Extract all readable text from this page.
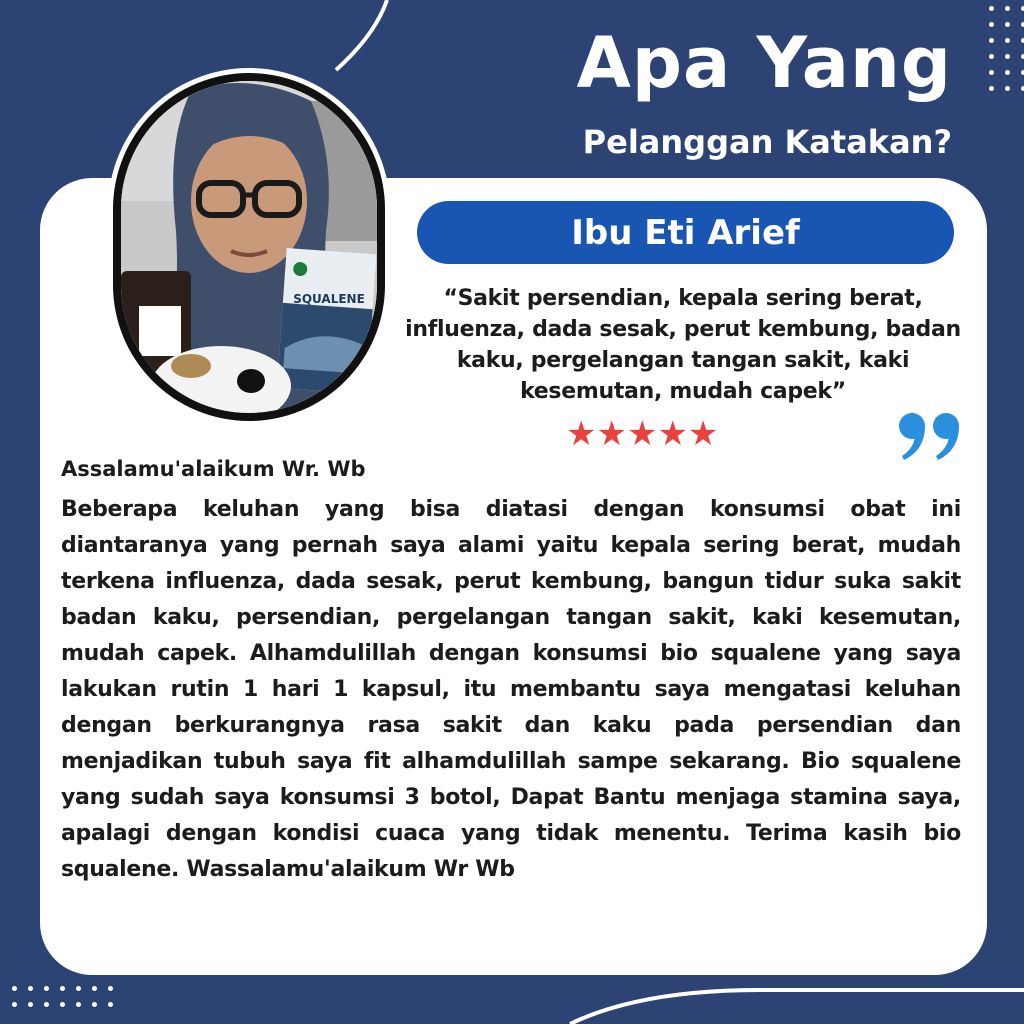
Apa Yang
Pelanggan Katakan?
SQUALENE
Ibu Eti Arief
“Sakit persendian, kepala sering berat, influenza, dada sesak, perut kembung, badan kaku, pergelangan tangan sakit, kaki kesemutan, mudah capek”
★★★★★
Assalamu'alaikum Wr. Wb
Beberapa keluhan yang bisa diatasi dengan konsumsi obat ini diantaranya yang pernah saya alami yaitu kepala sering berat, mudah terkena influenza, dada sesak, perut kembung, bangun tidur suka sakit badan kaku, persendian, pergelangan tangan sakit, kaki kesemutan, mudah capek. Alhamdulillah dengan konsumsi bio squalene yang saya lakukan rutin 1 hari 1 kapsul, itu membantu saya mengatasi keluhan dengan berkurangnya rasa sakit dan kaku pada persendian dan menjadikan tubuh saya fit alhamdulillah sampe sekarang. Bio squalene yang sudah saya konsumsi 3 botol, Dapat Bantu menjaga stamina saya, apalagi dengan kondisi cuaca yang tidak menentu. Terima kasih bio squalene. Wassalamu'alaikum Wr Wb
